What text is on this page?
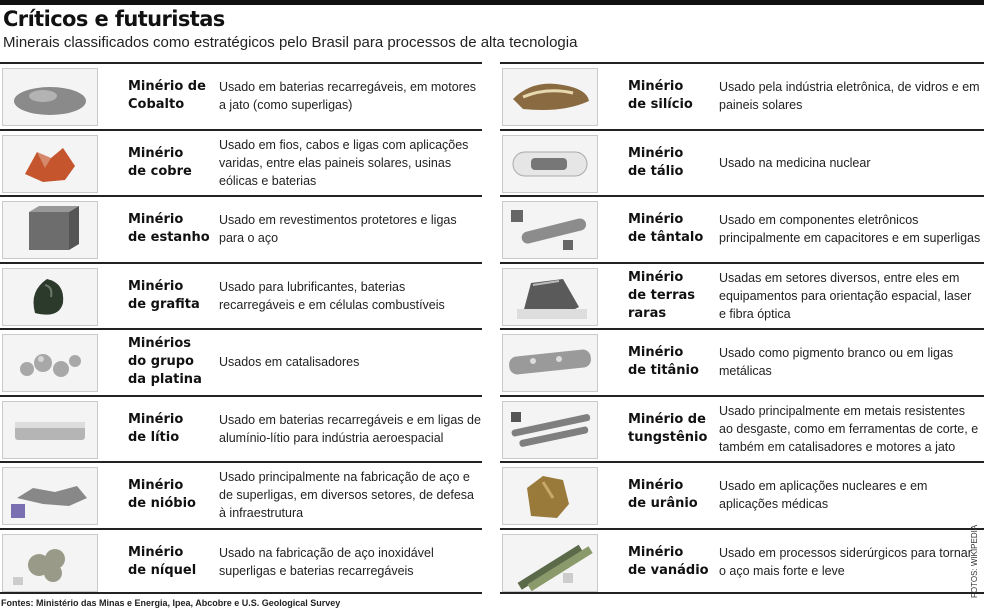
Críticos e futuristas
Minerais classificados como estratégicos pelo Brasil para processos de alta tecnologia
Minério de
Cobalto
Usado em baterias recarregáveis, em motores a jato (como superligas)
Minério
de cobre
Usado em fios, cabos e ligas com aplicações varidas, entre elas paineis solares, usinas eólicas e baterias
Minério
de estanho
Usado em revestimentos protetores e ligas para o aço
Minério
de grafita
Usado para lubrificantes, baterias recarregáveis e em células combustíveis
Minérios
do grupo
da platina
Usados em catalisadores
Minério
de lítio
Usado em baterias recarregáveis e em ligas de alumínio-lítio para indústria aeroespacial
Minério
de nióbio
Usado principalmente na fabricação de aço e de superligas, em diversos setores, de defesa à infraestrutura
Minério
de níquel
Usado na fabricação de aço inoxidável superligas e baterias recarregáveis
Minério
de silício
Usado pela indústria eletrônica, de vidros e em paineis solares
Minério
de tálio
Usado na medicina nuclear
Minério
de tântalo
Usado em componentes eletrônicos principalmente em capacitores e em superligas
Minério
de terras
raras
Usadas em setores diversos, entre eles em equipamentos para orientação espacial, laser e fibra óptica
Minério
de titânio
Usado como pigmento branco ou em ligas metálicas
Minério de
tungstênio
Usado principalmente em metais resistentes ao desgaste, como em ferramentas de corte, e também em catalisadores e motores a jato
Minério
de urânio
Usado em aplicações nucleares e em aplicações médicas
Minério
de vanádio
Usado em processos siderúrgicos para tornar o aço mais forte e leve
Fontes: Ministério das Minas e Energia, Ipea, Abcobre e U.S. Geological Survey
FOTOS: WIKIPEDIA
